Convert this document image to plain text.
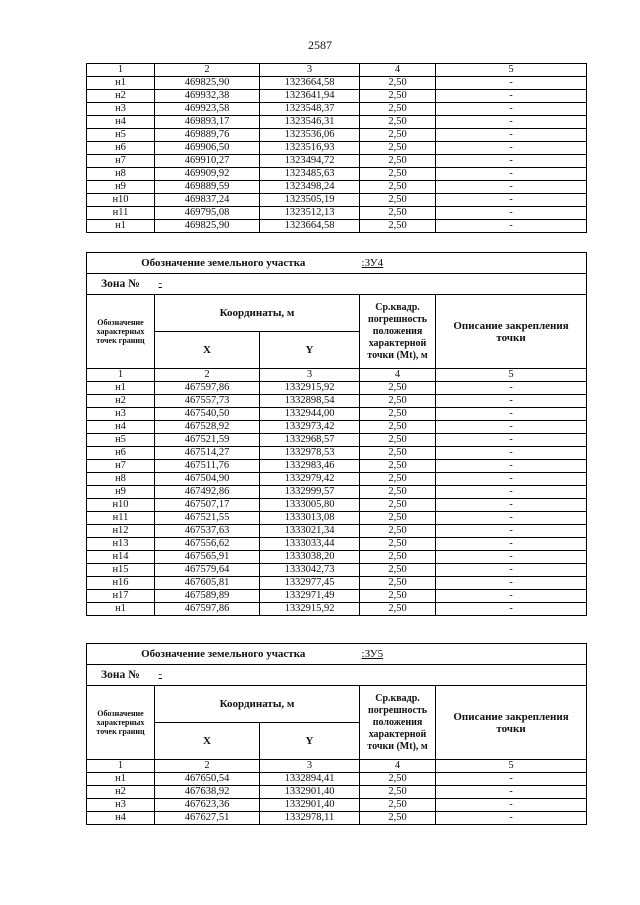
2587
1	2	3	4	5
н1	469825,90	1323664,58	2,50	-
н2	469932,38	1323641,94	2,50	-
н3	469923,58	1323548,37	2,50	-
н4	469893,17	1323546,31	2,50	-
н5	469889,76	1323536,06	2,50	-
н6	469906,50	1323516,93	2,50	-
н7	469910,27	1323494,72	2,50	-
н8	469909,92	1323485,63	2,50	-
н9	469889,59	1323498,24	2,50	-
н10	469837,24	1323505,19	2,50	-
н11	469795,08	1323512,13	2,50	-
н1	469825,90	1323664,58	2,50	-
Обозначение земельного участка			:ЗУ4	
Зона №	-			
Обозначение характерных точек границ	Координаты, м		Ср.квадр. погрешность положения характерной точки (Mt), м	Описание закрепления точки
	X	Y		
1	2	3	4	5
н1	467597,86	1332915,92	2,50	-
н2	467557,73	1332898,54	2,50	-
н3	467540,50	1332944,00	2,50	-
н4	467528,92	1332973,42	2,50	-
н5	467521,59	1332968,57	2,50	-
н6	467514,27	1332978,53	2,50	-
н7	467511,76	1332983,46	2,50	-
н8	467504,90	1332979,42	2,50	-
н9	467492,86	1332999,57	2,50	-
н10	467507,17	1333005,80	2,50	-
н11	467521,55	1333013,08	2,50	-
н12	467537,63	1333021,34	2,50	-
н13	467556,62	1333033,44	2,50	-
н14	467565,91	1333038,20	2,50	-
н15	467579,64	1333042,73	2,50	-
н16	467605,81	1332977,45	2,50	-
н17	467589,89	1332971,49	2,50	-
н1	467597,86	1332915,92	2,50	-
Обозначение земельного участка			:ЗУ5	
Зона №	-			
Обозначение характерных точек границ	Координаты, м		Ср.квадр. погрешность положения характерной точки (Mt), м	Описание закрепления точки
	X	Y		
1	2	3	4	5
н1	467650,54	1332894,41	2,50	-
н2	467638,92	1332901,40	2,50	-
н3	467623,36	1332901,40	2,50	-
н4	467627,51	1332978,11	2,50	-
